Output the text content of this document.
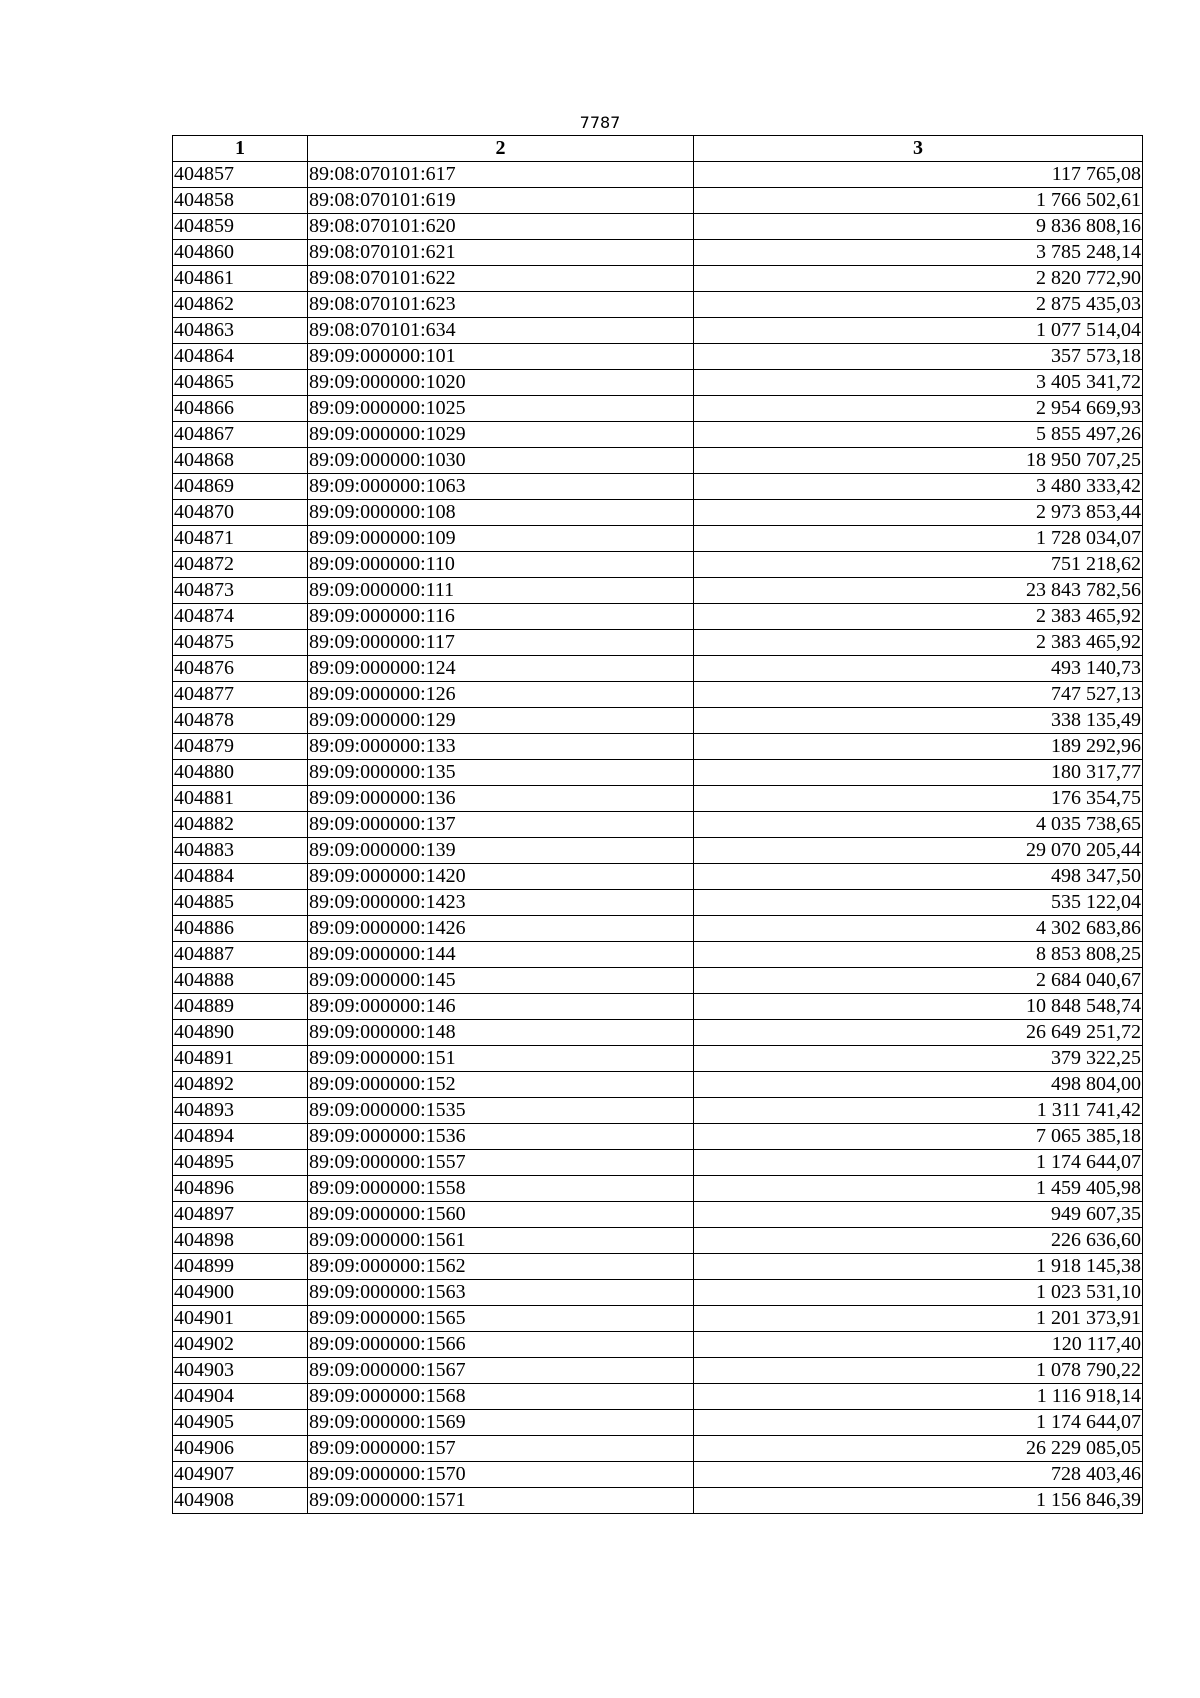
7787
1	2	3
404857	89:08:070101:617	117 765,08
404858	89:08:070101:619	1 766 502,61
404859	89:08:070101:620	9 836 808,16
404860	89:08:070101:621	3 785 248,14
404861	89:08:070101:622	2 820 772,90
404862	89:08:070101:623	2 875 435,03
404863	89:08:070101:634	1 077 514,04
404864	89:09:000000:101	357 573,18
404865	89:09:000000:1020	3 405 341,72
404866	89:09:000000:1025	2 954 669,93
404867	89:09:000000:1029	5 855 497,26
404868	89:09:000000:1030	18 950 707,25
404869	89:09:000000:1063	3 480 333,42
404870	89:09:000000:108	2 973 853,44
404871	89:09:000000:109	1 728 034,07
404872	89:09:000000:110	751 218,62
404873	89:09:000000:111	23 843 782,56
404874	89:09:000000:116	2 383 465,92
404875	89:09:000000:117	2 383 465,92
404876	89:09:000000:124	493 140,73
404877	89:09:000000:126	747 527,13
404878	89:09:000000:129	338 135,49
404879	89:09:000000:133	189 292,96
404880	89:09:000000:135	180 317,77
404881	89:09:000000:136	176 354,75
404882	89:09:000000:137	4 035 738,65
404883	89:09:000000:139	29 070 205,44
404884	89:09:000000:1420	498 347,50
404885	89:09:000000:1423	535 122,04
404886	89:09:000000:1426	4 302 683,86
404887	89:09:000000:144	8 853 808,25
404888	89:09:000000:145	2 684 040,67
404889	89:09:000000:146	10 848 548,74
404890	89:09:000000:148	26 649 251,72
404891	89:09:000000:151	379 322,25
404892	89:09:000000:152	498 804,00
404893	89:09:000000:1535	1 311 741,42
404894	89:09:000000:1536	7 065 385,18
404895	89:09:000000:1557	1 174 644,07
404896	89:09:000000:1558	1 459 405,98
404897	89:09:000000:1560	949 607,35
404898	89:09:000000:1561	226 636,60
404899	89:09:000000:1562	1 918 145,38
404900	89:09:000000:1563	1 023 531,10
404901	89:09:000000:1565	1 201 373,91
404902	89:09:000000:1566	120 117,40
404903	89:09:000000:1567	1 078 790,22
404904	89:09:000000:1568	1 116 918,14
404905	89:09:000000:1569	1 174 644,07
404906	89:09:000000:157	26 229 085,05
404907	89:09:000000:1570	728 403,46
404908	89:09:000000:1571	1 156 846,39
